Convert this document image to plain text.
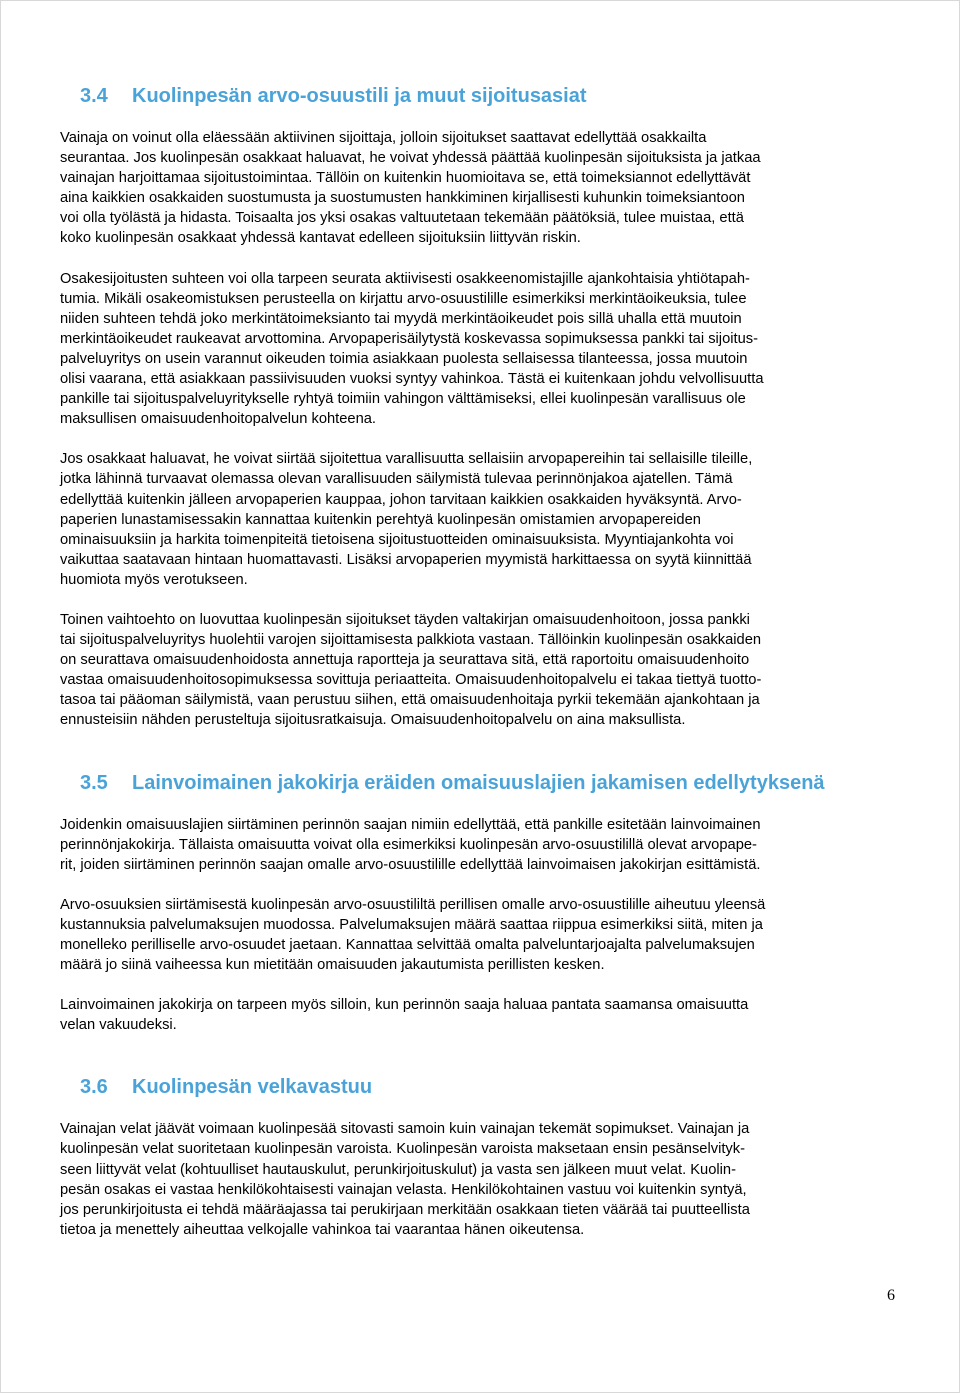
3.4	Kuolinpesän arvo-osuustili ja muut sijoitusasiat
Vainaja on voinut olla eläessään aktiivinen sijoittaja, jolloin sijoitukset saattavat edellyttää osakkailta
seurantaa. Jos kuolinpesän osakkaat haluavat, he voivat yhdessä päättää kuolinpesän sijoituksista ja jatkaa
vainajan harjoittamaa sijoitustoimintaa. Tällöin on kuitenkin huomioitava se, että toimeksiannot edellyttävät
aina kaikkien osakkaiden suostumusta ja suostumusten hankkiminen kirjallisesti kuhunkin toimeksiantoon
voi olla työlästä ja hidasta. Toisaalta jos yksi osakas valtuutetaan tekemään päätöksiä, tulee muistaa, että
koko kuolinpesän osakkaat yhdessä kantavat edelleen sijoituksiin liittyvän riskin.
Osakesijoitusten suhteen voi olla tarpeen seurata aktiivisesti osakkeenomistajille ajankohtaisia yhtiötapah-
tumia. Mikäli osakeomistuksen perusteella on kirjattu arvo-osuustilille esimerkiksi merkintäoikeuksia, tulee
niiden suhteen tehdä joko merkintätoimeksianto tai myydä merkintäoikeudet pois sillä uhalla että muutoin
merkintäoikeudet raukeavat arvottomina. Arvopaperisäilytystä koskevassa sopimuksessa pankki tai sijoitus-
palveluyritys on usein varannut oikeuden toimia asiakkaan puolesta sellaisessa tilanteessa, jossa muutoin
olisi vaarana, että asiakkaan passiivisuuden vuoksi syntyy vahinkoa. Tästä ei kuitenkaan johdu velvollisuutta
pankille tai sijoituspalveluyritykselle ryhtyä toimiin vahingon välttämiseksi, ellei kuolinpesän varallisuus ole
maksullisen omaisuudenhoitopalvelun kohteena.
Jos osakkaat haluavat, he voivat siirtää sijoitettua varallisuutta sellaisiin arvopapereihin tai sellaisille tileille,
jotka lähinnä turvaavat olemassa olevan varallisuuden säilymistä tulevaa perinnönjakoa ajatellen. Tämä
edellyttää kuitenkin jälleen arvopaperien kauppaa, johon tarvitaan kaikkien osakkaiden hyväksyntä. Arvo-
paperien lunastamisessakin kannattaa kuitenkin perehtyä kuolinpesän omistamien arvopapereiden
ominaisuuksiin ja harkita toimenpiteitä tietoisena sijoitustuotteiden ominaisuuksista. Myyntiajankohta voi
vaikuttaa saatavaan hintaan huomattavasti. Lisäksi arvopaperien myymistä harkittaessa on syytä kiinnittää
huomiota myös verotukseen.
Toinen vaihtoehto on luovuttaa kuolinpesän sijoitukset täyden valtakirjan omaisuudenhoitoon, jossa pankki
tai sijoituspalveluyritys huolehtii varojen sijoittamisesta palkkiota vastaan. Tällöinkin kuolinpesän osakkaiden
on seurattava omaisuudenhoidosta annettuja raportteja ja seurattava sitä, että raportoitu omaisuudenhoito
vastaa omaisuudenhoitosopimuksessa sovittuja periaatteita. Omaisuudenhoitopalvelu ei takaa tiettyä tuotto-
tasoa tai pääoman säilymistä, vaan perustuu siihen, että omaisuudenhoitaja pyrkii tekemään ajankohtaan ja
ennusteisiin nähden perusteltuja sijoitusratkaisuja. Omaisuudenhoitopalvelu on aina maksullista.
3.5	Lainvoimainen jakokirja eräiden omaisuuslajien jakamisen edellytyksenä
Joidenkin omaisuuslajien siirtäminen perinnön saajan nimiin edellyttää, että pankille esitetään lainvoimainen
perinnönjakokirja. Tällaista omaisuutta voivat olla esimerkiksi kuolinpesän arvo-osuustilillä olevat arvopape-
rit, joiden siirtäminen perinnön saajan omalle arvo-osuustilille edellyttää lainvoimaisen jakokirjan esittämistä.
Arvo-osuuksien siirtämisestä kuolinpesän arvo-osuustililtä perillisen omalle arvo-osuustilille aiheutuu yleensä
kustannuksia palvelumaksujen muodossa. Palvelumaksujen määrä saattaa riippua esimerkiksi siitä, miten ja
monelleko perilliselle arvo-osuudet jaetaan. Kannattaa selvittää omalta palveluntarjoajalta palvelumaksujen
määrä jo siinä vaiheessa kun mietitään omaisuuden jakautumista perillisten kesken.
Lainvoimainen jakokirja on tarpeen myös silloin, kun perinnön saaja haluaa pantata saamansa omaisuutta
velan vakuudeksi.
3.6	Kuolinpesän velkavastuu
Vainajan velat jäävät voimaan kuolinpesää sitovasti samoin kuin vainajan tekemät sopimukset. Vainajan ja
kuolinpesän velat suoritetaan kuolinpesän varoista. Kuolinpesän varoista maksetaan ensin pesänselvityk-
seen liittyvät velat (kohtuulliset hautauskulut, perunkirjoituskulut) ja vasta sen jälkeen muut velat. Kuolin-
pesän osakas ei vastaa henkilökohtaisesti vainajan velasta. Henkilökohtainen vastuu voi kuitenkin syntyä,
jos perunkirjoitusta ei tehdä määräajassa tai perukirjaan merkitään osakkaan tieten väärää tai puutteellista
tietoa ja menettely aiheuttaa velkojalle vahinkoa tai vaarantaa hänen oikeutensa.
6
